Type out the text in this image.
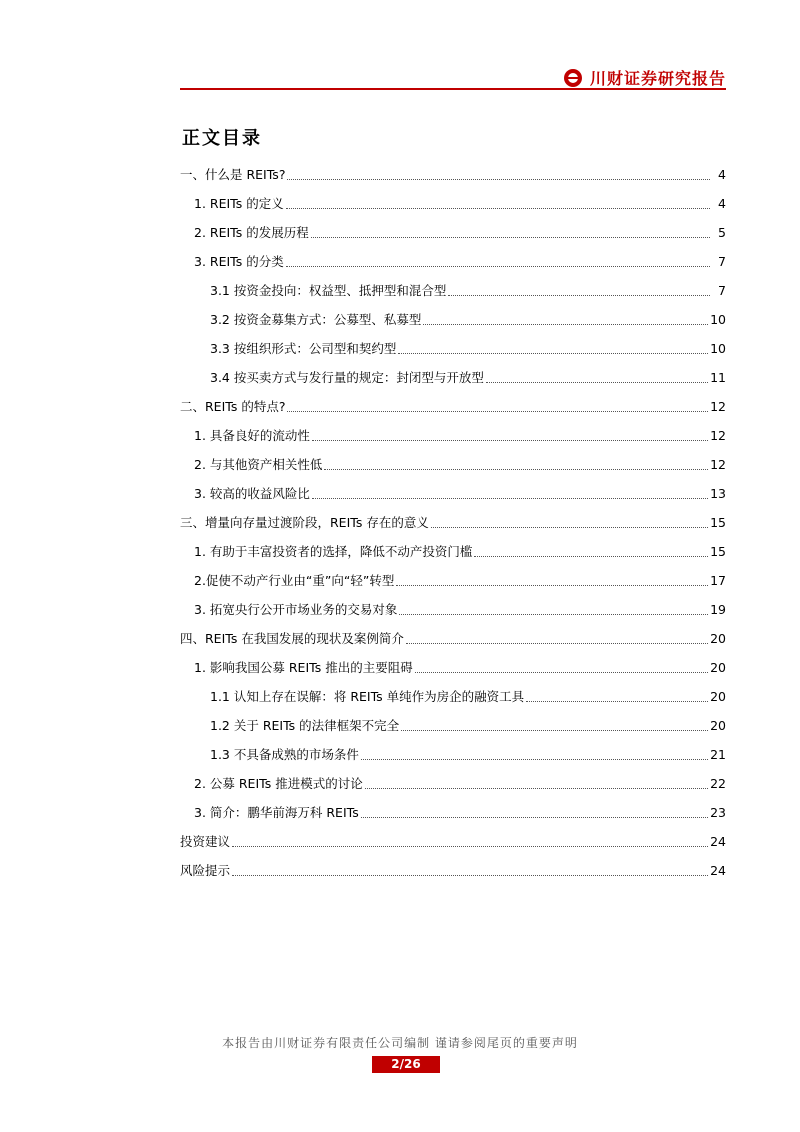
川财证券研究报告
正文目录
一、什么是 REITs?	4
1. REITs 的定义	4
2. REITs 的发展历程	5
3. REITs 的分类	7
3.1 按资金投向：权益型、抵押型和混合型	7
3.2 按资金募集方式：公募型、私募型	10
3.3 按组织形式：公司型和契约型	10
3.4 按买卖方式与发行量的规定：封闭型与开放型	11
二、REITs 的特点?	12
1. 具备良好的流动性	12
2. 与其他资产相关性低	12
3. 较高的收益风险比	13
三、增量向存量过渡阶段，REITs 存在的意义	15
1. 有助于丰富投资者的选择，降低不动产投资门槛	15
2.促使不动产行业由“重”向“轻”转型	17
3. 拓宽央行公开市场业务的交易对象	19
四、REITs 在我国发展的现状及案例简介	20
1. 影响我国公募 REITs 推出的主要阻碍	20
1.1 认知上存在误解：将 REITs 单纯作为房企的融资工具	20
1.2 关于 REITs 的法律框架不完全	20
1.3 不具备成熟的市场条件	21
2. 公募 REITs 推进模式的讨论	22
3. 简介：鹏华前海万科 REITs	23
投资建议	24
风险提示	24
本报告由川财证券有限责任公司编制 谨请参阅尾页的重要声明
2/26
